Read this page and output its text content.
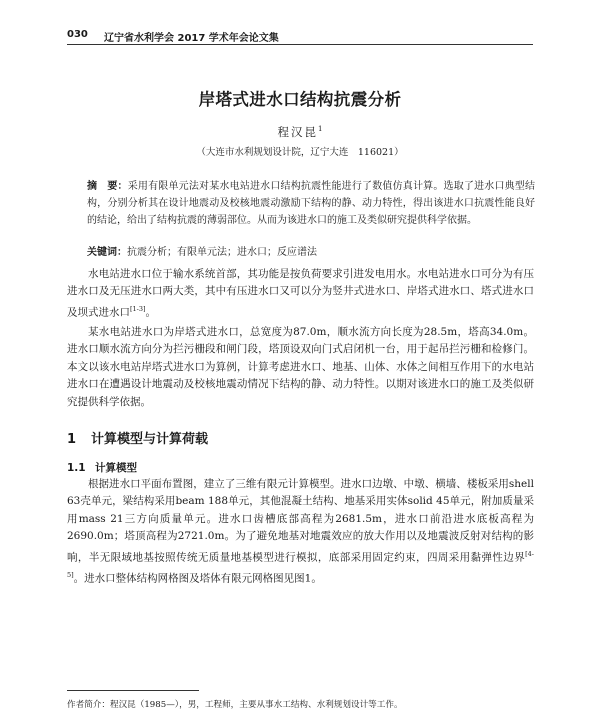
030 辽宁省水利学会 2017 学术年会论文集
岸塔式进水口结构抗震分析
程汉昆$^1$
（大连市水利规划设计院，辽宁大连　116021）
摘　要：采用有限单元法对某水电站进水口结构抗震性能进行了数值仿真计算。选取了进水口典型结构，分别分析其在设计地震动及校核地震动激励下结构的静、动力特性，得出该进水口抗震性能良好的结论，给出了结构抗震的薄弱部位。从而为该进水口的施工及类似研究提供科学依据。
关键词：抗震分析；有限单元法；进水口；反应谱法

水电站进水口位于输水系统首部，其功能是按负荷要求引进发电用水。水电站进水口可分为有压进水口及无压进水口两大类，其中有压进水口又可以分为竖井式进水口、岸塔式进水口、塔式进水口及坝式进水口[1-3]。

某水电站进水口为岸塔式进水口，总宽度为87.0m，顺水流方向长度为28.5m，塔高34.0m。进水口顺水流方向分为拦污栅段和闸门段，塔顶设双向门式启闭机一台，用于起吊拦污栅和检修门。本文以该水电站岸塔式进水口为算例，计算考虑进水口、地基、山体、水体之间相互作用下的水电站进水口在遭遇设计地震动及校核地震动情况下结构的静、动力特性。以期对该进水口的施工及类似研究提供科学依据。

1 计算模型与计算荷载
1.1 计算模型

根据进水口平面布置图，建立了三维有限元计算模型。进水口边墩、中墩、横墙、楼板采用shell 63壳单元，梁结构采用beam 188单元，其他混凝土结构、地基采用实体solid 45单元，附加质量采用mass 21三方向质量单元。进水口齿槽底部高程为2681.5m，进水口前沿进水底板高程为2690.0m；塔顶高程为2721.0m。为了避免地基对地震效应的放大作用以及地震波反射对结构的影响，半无限域地基按照传统无质量地基模型进行模拟，底部采用固定约束，四周采用黏弹性边界[4-5]。进水口整体结构网格图及塔体有限元网格图见图1。

作者简介：程汉昆（1985—），男，工程师，主要从事水工结构、水利规划设计等工作。
